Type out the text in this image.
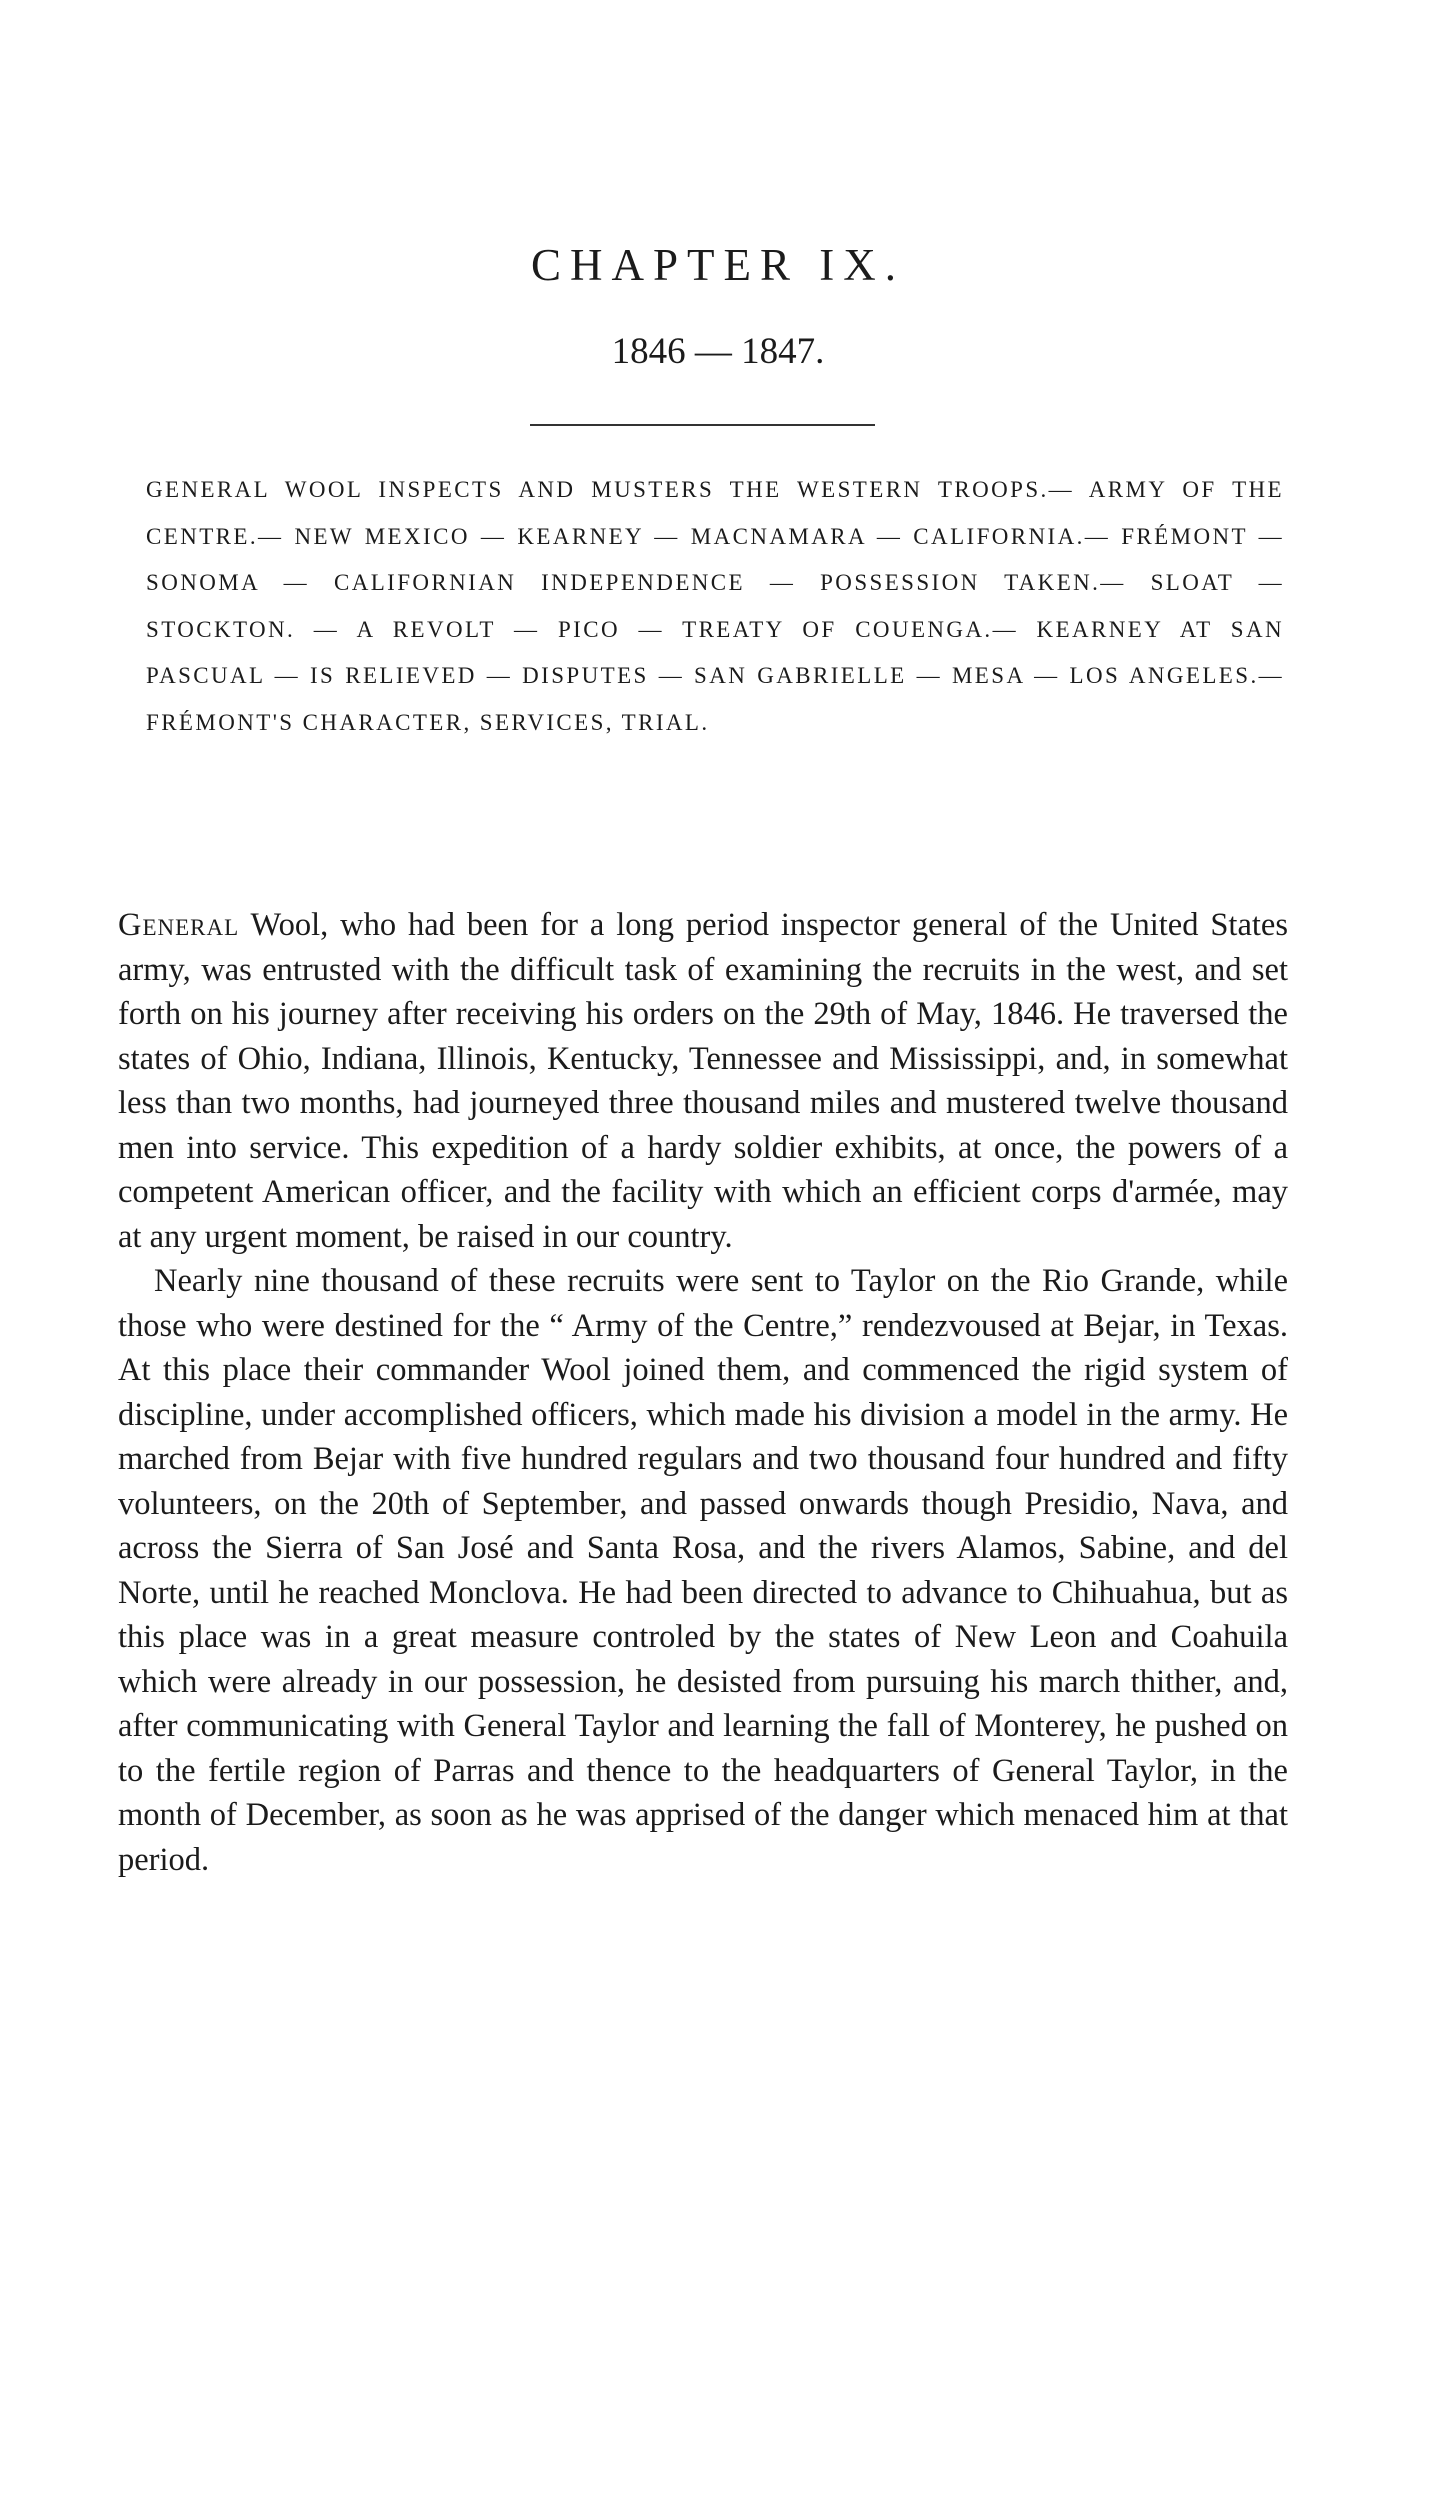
CHAPTER IX.
1846 — 1847.
GENERAL WOOL INSPECTS AND MUSTERS THE WESTERN TROOPS.— ARMY OF THE CENTRE.— NEW MEXICO — KEARNEY — MACNAMARA — CALIFORNIA.— FRÉMONT — SONOMA — CALIFORNIAN INDEPENDENCE — POSSESSION TAKEN.— SLOAT — STOCKTON. — A REVOLT — PICO — TREATY OF COUENGA.— KEARNEY AT SAN PASCUAL — IS RELIEVED — DISPUTES — SAN GABRIELLE — MESA — LOS ANGELES.— FRÉMONT'S CHARACTER, SERVICES, TRIAL.

General Wool, who had been for a long period inspector general of the United States army, was entrusted with the difficult task of examining the recruits in the west, and set forth on his journey after receiving his orders on the 29th of May, 1846. He traversed the states of Ohio, Indiana, Illinois, Kentucky, Tennessee and Mississippi, and, in somewhat less than two months, had journeyed three thousand miles and mustered twelve thousand men into service. This expedition of a hardy soldier exhibits, at once, the powers of a competent American officer, and the facility with which an efficient corps d'armée, may at any urgent moment, be raised in our country.

Nearly nine thousand of these recruits were sent to Taylor on the Rio Grande, while those who were destined for the “ Army of the Centre,” rendezvoused at Bejar, in Texas. At this place their commander Wool joined them, and commenced the rigid system of discipline, under accomplished officers, which made his division a model in the army. He marched from Bejar with five hundred regulars and two thousand four hundred and fifty volunteers, on the 20th of September, and passed onwards though Presidio, Nava, and across the Sierra of San José and Santa Rosa, and the rivers Alamos, Sabine, and del Norte, until he reached Monclova. He had been directed to advance to Chihuahua, but as this place was in a great measure controled by the states of New Leon and Coahuila which were already in our possession, he desisted from pursuing his march thither, and, after communicating with General Taylor and learning the fall of Monterey, he pushed on to the fertile region of Parras and thence to the headquarters of General Taylor, in the month of December, as soon as he was apprised of the danger which menaced him at that period.
